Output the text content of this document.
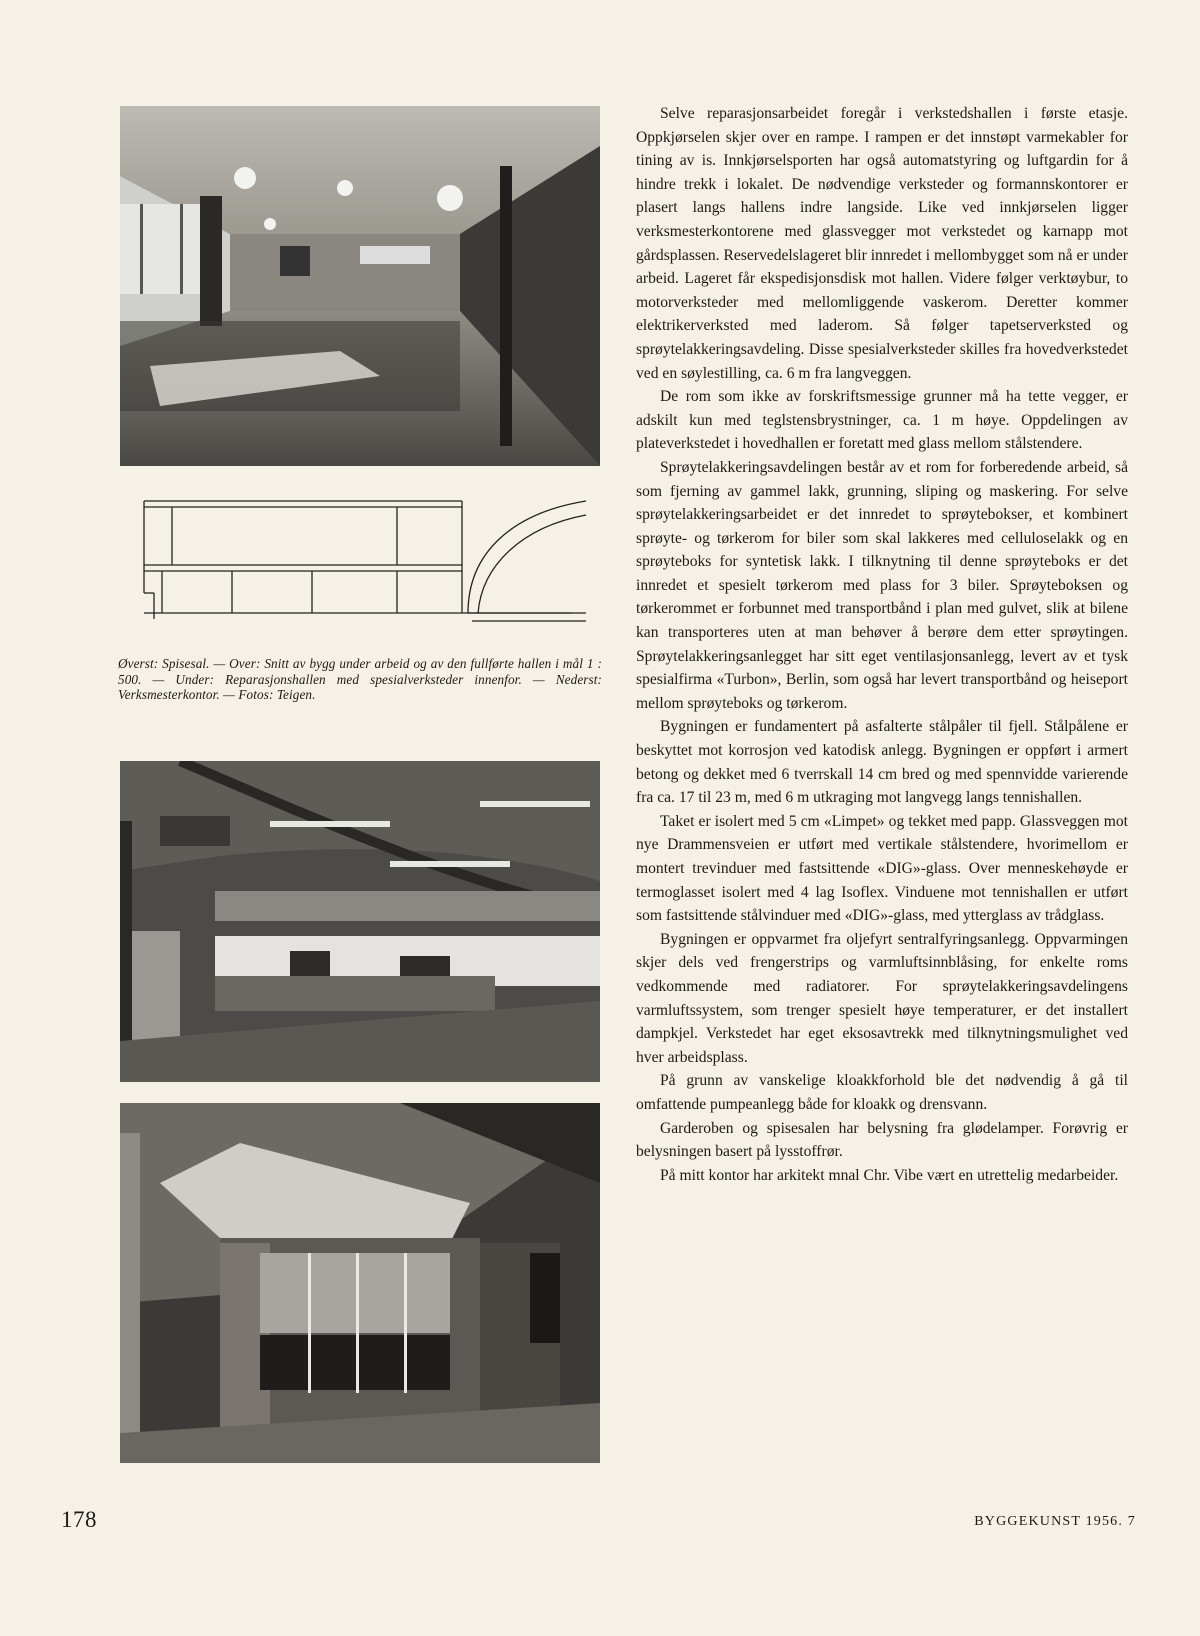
Øverst: Spisesal. — Over: Snitt av bygg under arbeid og av den fullførte hallen i mål 1 : 500. — Under: Reparasjonshallen med spesialverksteder innenfor. — Nederst: Verksmesterkontor. — Fotos: Teigen.

Selve reparasjonsarbeidet foregår i verkstedshallen i første etasje. Oppkjørselen skjer over en rampe. I rampen er det innstøpt varmekabler for tining av is. Innkjørselsporten har også automatstyring og luftgardin for å hindre trekk i lokalet. De nødvendige verksteder og formannskontorer er plasert langs hallens indre langside. Like ved innkjørselen ligger verksmesterkontorene med glassvegger mot verkstedet og karnapp mot gårdsplassen. Reservedelslageret blir innredet i mellombygget som nå er under arbeid. Lageret får ekspedisjonsdisk mot hallen. Videre følger verktøybur, to motorverksteder med mellomliggende vaskerom. Deretter kommer elektrikerverksted med laderom. Så følger tapetserverksted og sprøytelakkeringsavdeling. Disse spesialverksteder skilles fra hovedverkstedet ved en søylestilling, ca. 6 m fra langveggen.

De rom som ikke av forskriftsmessige grunner må ha tette vegger, er adskilt kun med teglstensbrystninger, ca. 1 m høye. Oppdelingen av plateverkstedet i hovedhallen er foretatt med glass mellom stålstendere.

Sprøytelakkeringsavdelingen består av et rom for forberedende arbeid, så som fjerning av gammel lakk, grunning, sliping og maskering. For selve sprøytelakkeringsarbeidet er det innredet to sprøytebokser, et kombinert sprøyte- og tørkerom for biler som skal lakkeres med celluloselakk og en sprøyteboks for syntetisk lakk. I tilknytning til denne sprøyteboks er det innredet et spesielt tørkerom med plass for 3 biler. Sprøyteboksen og tørkerommet er forbunnet med transportbånd i plan med gulvet, slik at bilene kan transporteres uten at man behøver å berøre dem etter sprøytingen. Sprøytelakkeringsanlegget har sitt eget ventilasjonsanlegg, levert av et tysk spesialfirma «Turbon», Berlin, som også har levert transportbånd og heiseport mellom sprøyteboks og tørkerom.

Bygningen er fundamentert på asfalterte stålpåler til fjell. Stålpålene er beskyttet mot korrosjon ved katodisk anlegg. Bygningen er oppført i armert betong og dekket med 6 tverrskall 14 cm bred og med spennvidde varierende fra ca. 17 til 23 m, med 6 m utkraging mot langvegg langs tennishallen.

Taket er isolert med 5 cm «Limpet» og tekket med papp. Glassveggen mot nye Drammensveien er utført med vertikale stålstendere, hvorimellom er montert trevinduer med fastsittende «DIG»-glass. Over menneskehøyde er termoglasset isolert med 4 lag Isoflex. Vinduene mot tennishallen er utført som fastsittende stålvinduer med «DIG»-glass, med ytterglass av trådglass.

Bygningen er oppvarmet fra oljefyrt sentralfyringsanlegg. Oppvarmingen skjer dels ved frengerstrips og varmluftsinnblåsing, for enkelte roms vedkommende med radiatorer. For sprøytelakkeringsavdelingens varmluftssystem, som trenger spesielt høye temperaturer, er det installert dampkjel. Verkstedet har eget eksosavtrekk med tilknytningsmulighet ved hver arbeidsplass.

På grunn av vanskelige kloakkforhold ble det nødvendig å gå til omfattende pumpeanlegg både for kloakk og drensvann.

Garderoben og spisesalen har belysning fra glødelamper. Forøvrig er belysningen basert på lysstoffrør.

På mitt kontor har arkitekt mnal Chr. Vibe vært en utrettelig medarbeider.

178	BYGGEKUNST 1956. 7
